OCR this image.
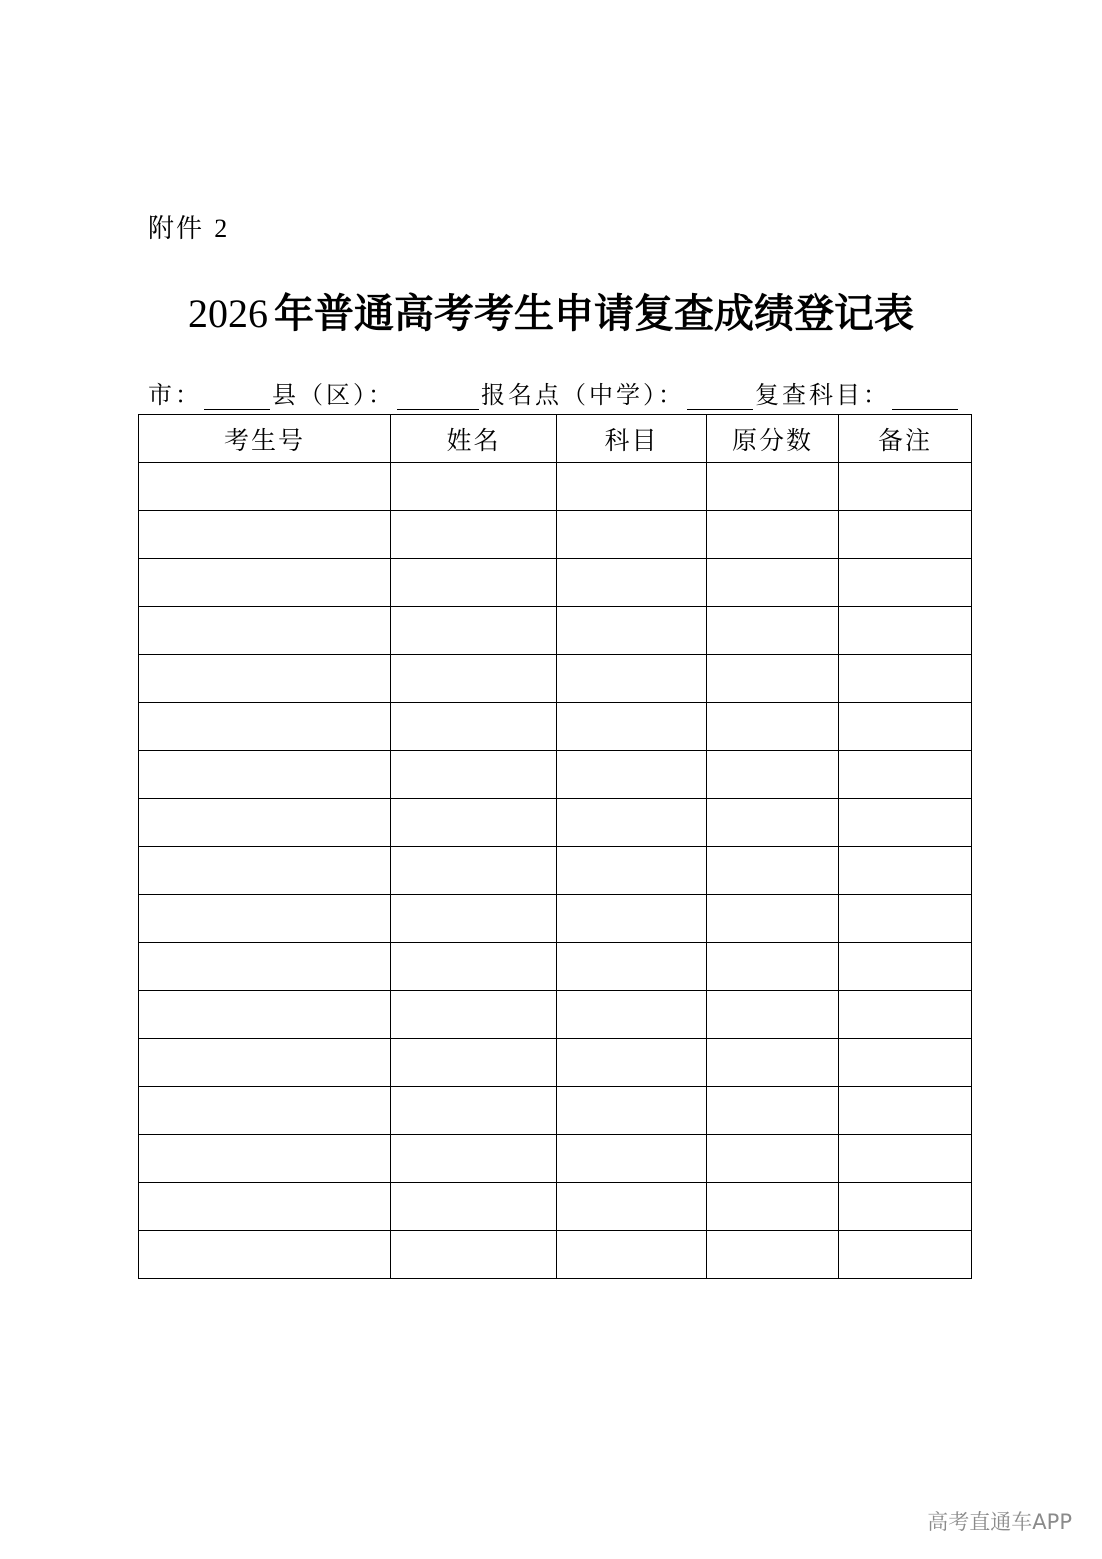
附件 2
2026 年普通高考考生申请复查成绩登记表
市：	县（区）：	报名点（中学）：	复查科目：
考生号	姓名	科目	原分数	备注

高考直通车APP
